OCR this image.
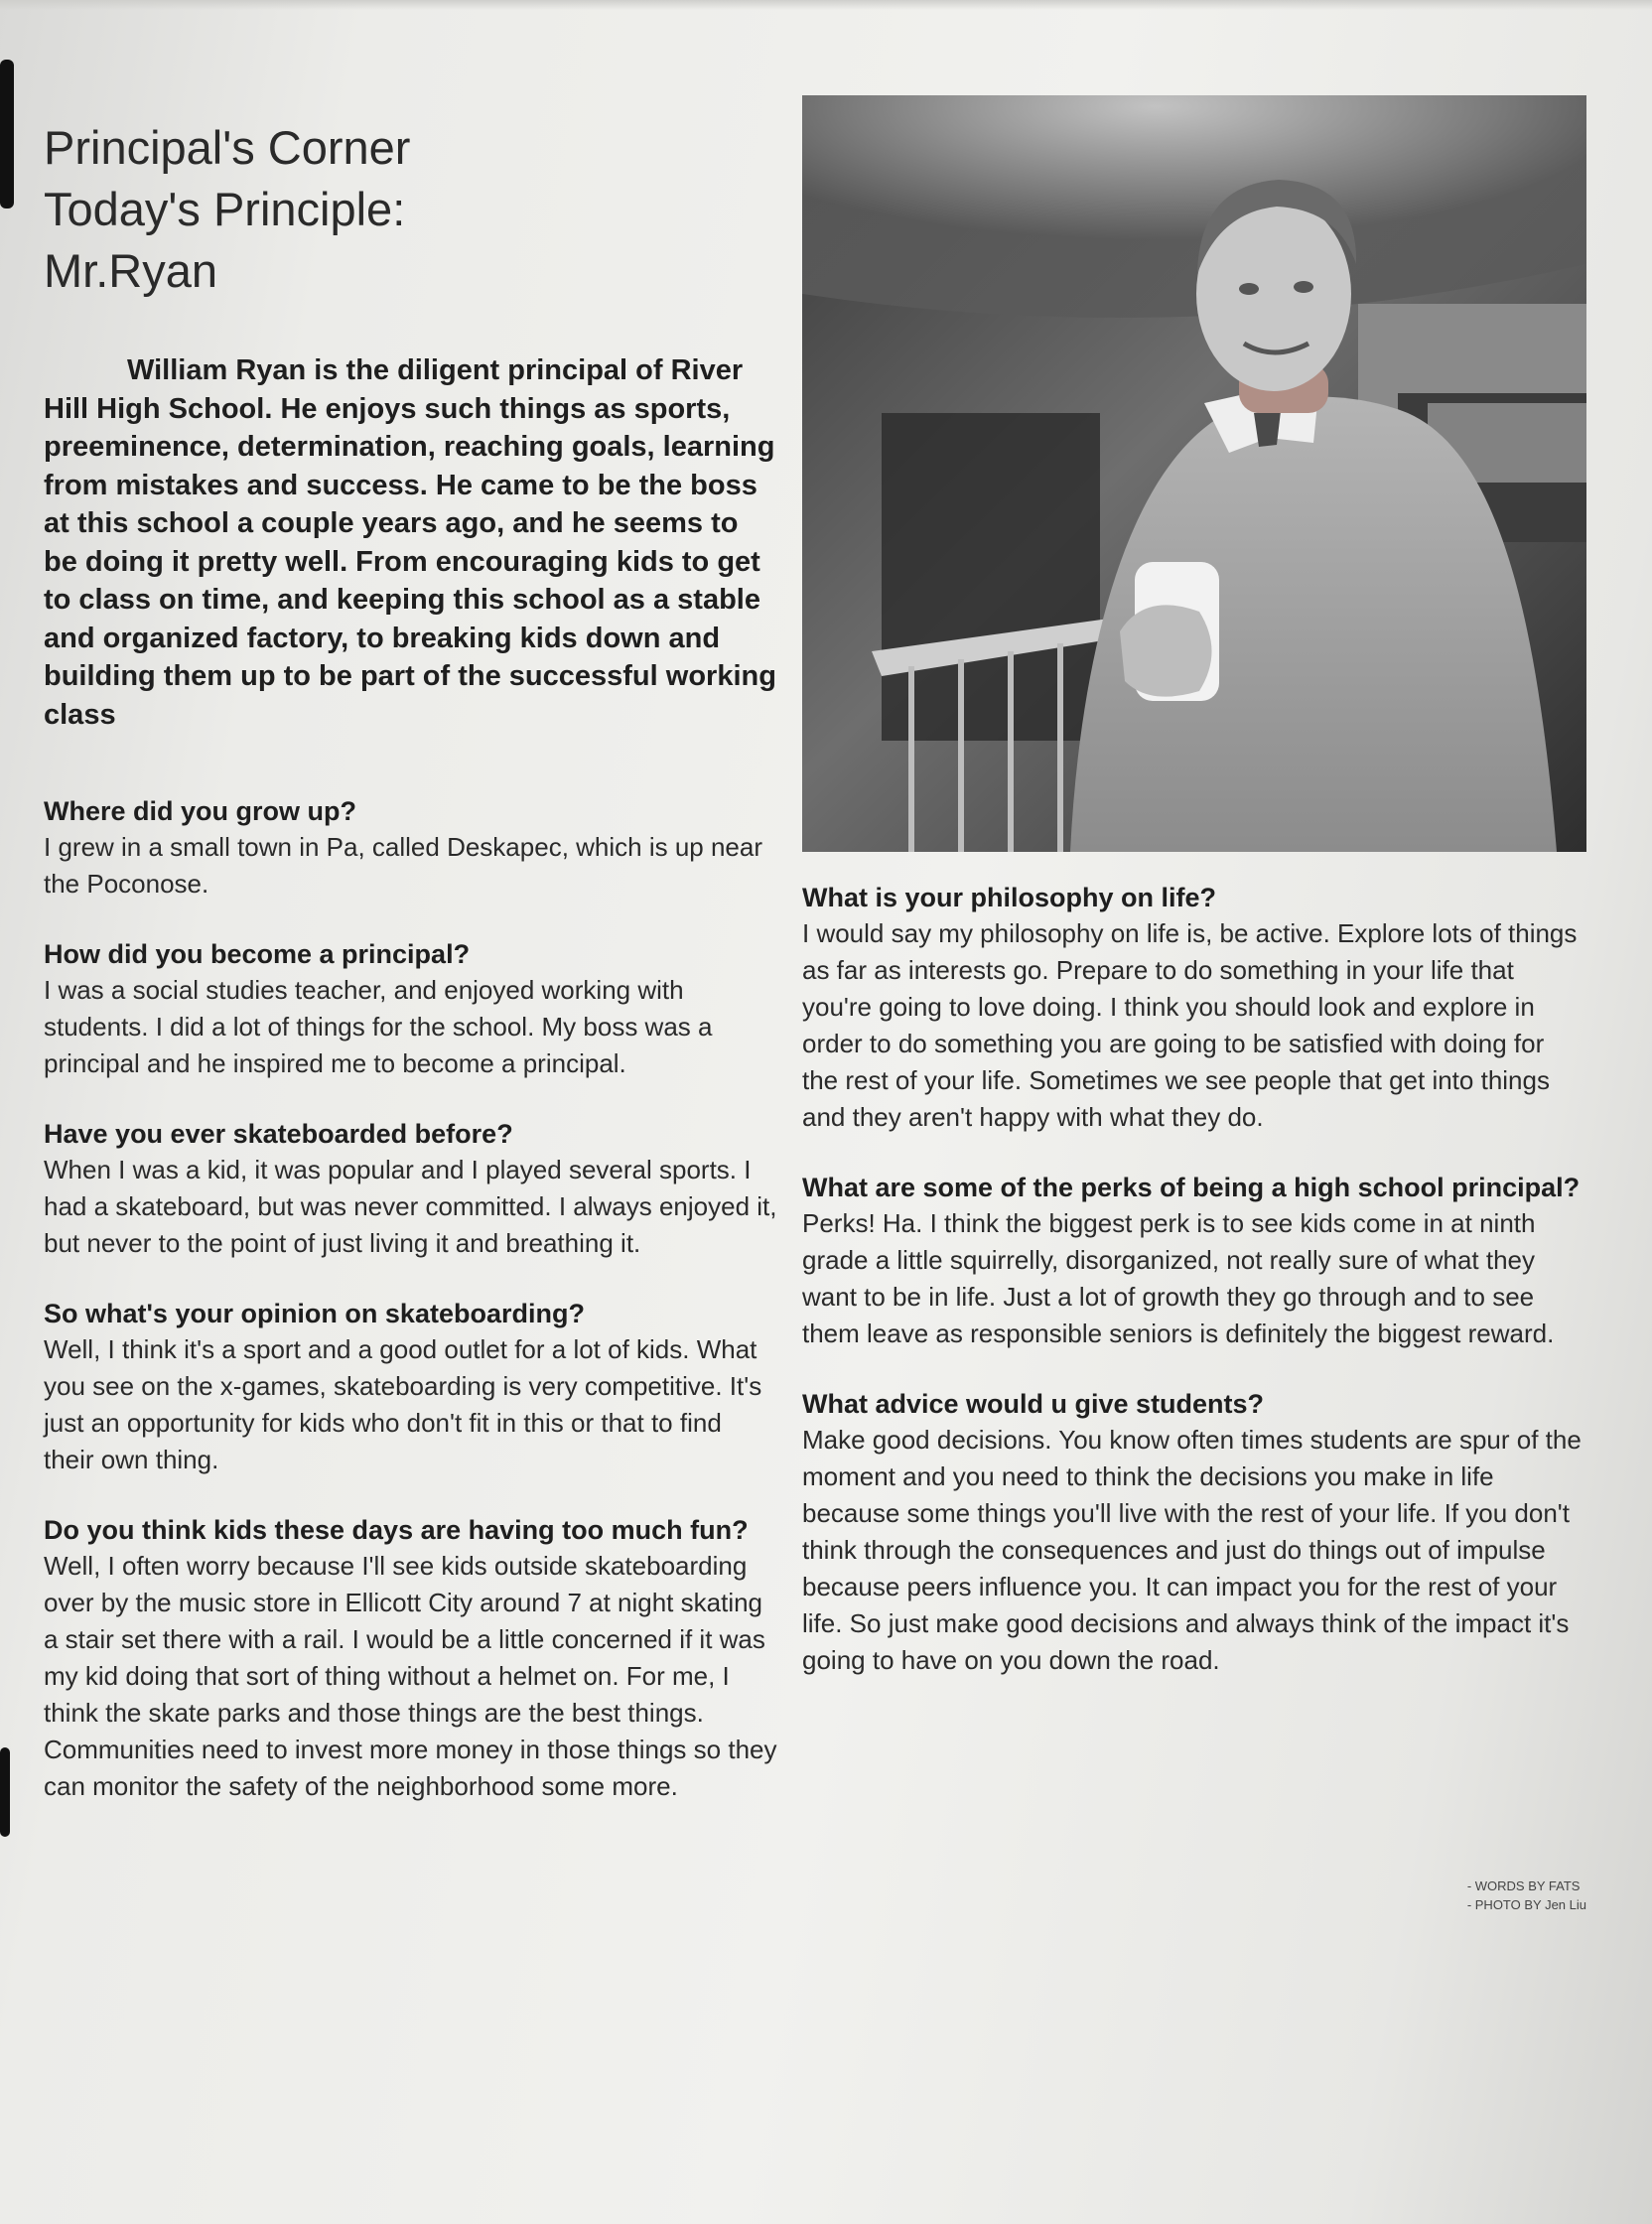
Principal's Corner
Today's Principle:
Mr.Ryan

William Ryan is the diligent principal of River Hill High School. He enjoys such things as sports, preeminence, determination, reaching goals, learning from mistakes and success. He came to be the boss at this school a couple years ago, and he seems to be doing it pretty well. From encouraging kids to get to class on time, and keeping this school as a stable and organized factory, to breaking kids down and building them up to be part of the successful working class

Where did you grow up?

I grew in a small town in Pa, called Deskapec, which is up near the Poconose.

How did you become a principal?

I was a social studies teacher, and enjoyed working with students. I did a lot of things for the school. My boss was a principal and he inspired me to become a principal.

Have you ever skateboarded before?

When I was a kid, it was popular and I played several sports. I had a skateboard, but was never committed. I always enjoyed it, but never to the point of just living it and breathing it.

So what's your opinion on skateboarding?

Well, I think it's a sport and a good outlet for a lot of kids. What you see on the x-games, skateboarding is very competitive. It's just an opportunity for kids who don't fit in this or that to find their own thing.

Do you think kids these days are having too much fun?

Well, I often worry because I'll see kids outside skateboarding over by the music store in Ellicott City around 7 at night skating a stair set there with a rail. I would be a little concerned if it was my kid doing that sort of thing without a helmet on. For me, I think the skate parks and those things are the best things. Communities need to invest more money in those things so they can monitor the safety of the neighborhood some more.

What is your philosophy on life?

I would say my philosophy on life is, be active. Explore lots of things as far as interests go. Prepare to do something in your life that you're going to love doing. I think you should look and explore in order to do something you are going to be satisfied with doing for the rest of your life. Sometimes we see people that get into things and they aren't happy with what they do.

What are some of the perks of being a high school principal?

Perks! Ha. I think the biggest perk is to see kids come in at ninth grade a little squirrelly, disorganized, not really sure of what they want to be in life. Just a lot of growth they go through and to see them leave as responsible seniors is definitely the biggest reward.

What advice would u give students?

Make good decisions. You know often times students are spur of the moment and you need to think the decisions you make in life because some things you'll live with the rest of your life. If you don't think through the consequences and just do things out of impulse because peers influence you. It can impact you for the rest of your life. So just make good decisions and always think of the impact it's going to have on you down the road.

- WORDS BY FATS
- PHOTO BY Jen Liu
